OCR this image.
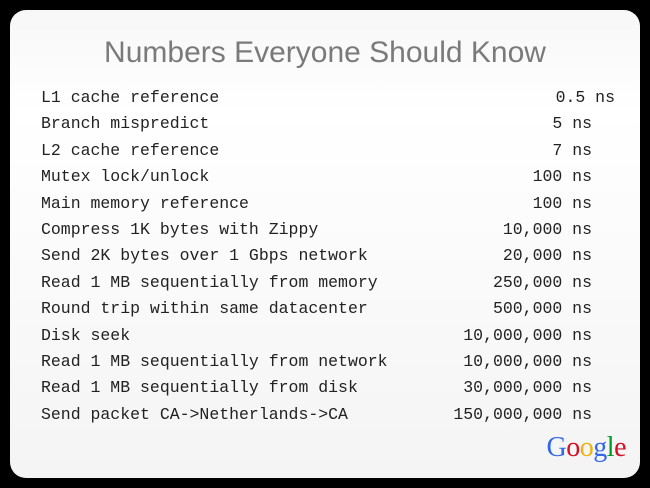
Numbers Everyone Should Know
L1 cache reference	0.5 ns
Branch mispredict	5 ns
L2 cache reference	7 ns
Mutex lock/unlock	100 ns
Main memory reference	100 ns
Compress 1K bytes with Zippy	10,000 ns
Send 2K bytes over 1 Gbps network	20,000 ns
Read 1 MB sequentially from memory	250,000 ns
Round trip within same datacenter	500,000 ns
Disk seek	10,000,000 ns
Read 1 MB sequentially from network	10,000,000 ns
Read 1 MB sequentially from disk	30,000,000 ns
Send packet CA->Netherlands->CA	150,000,000 ns
Google
